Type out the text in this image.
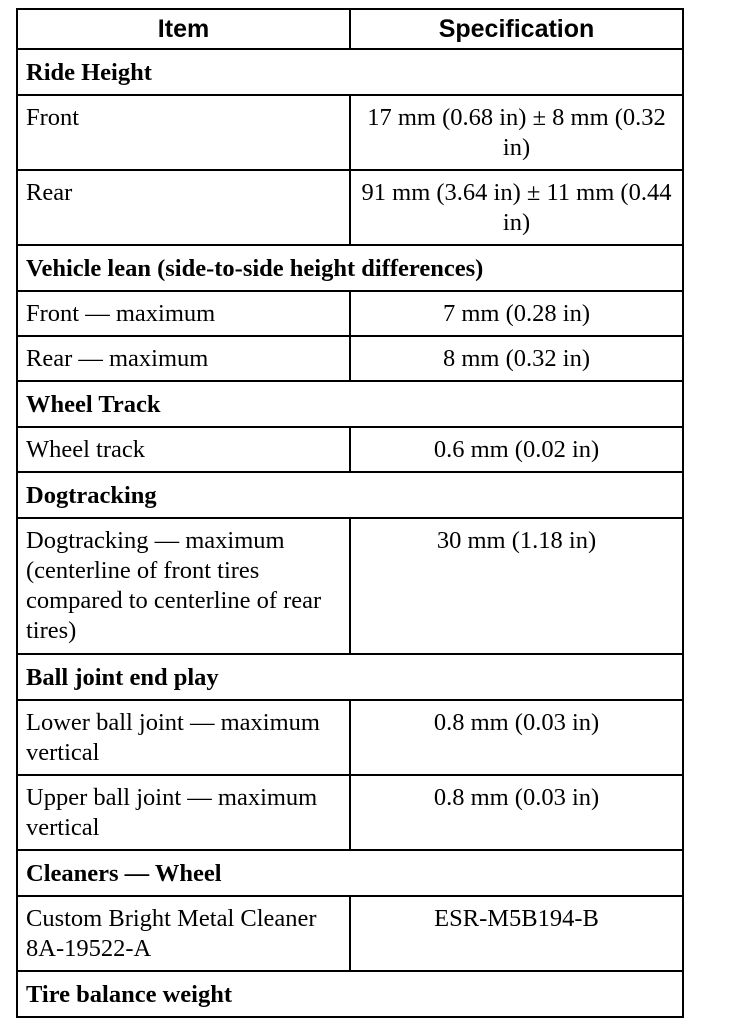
Item	Specification
Ride Height	
Front	17 mm (0.68 in) ± 8 mm (0.32 in)
Rear	91 mm (3.64 in) ± 11 mm (0.44 in)
Vehicle lean (side-to-side height differences)	
Front — maximum	7 mm (0.28 in)
Rear — maximum	8 mm (0.32 in)
Wheel Track	
Wheel track	0.6 mm (0.02 in)
Dogtracking	
Dogtracking — maximum (centerline of front tires compared to centerline of rear tires)	30 mm (1.18 in)
Ball joint end play	
Lower ball joint — maximum vertical	0.8 mm (0.03 in)
Upper ball joint — maximum vertical	0.8 mm (0.03 in)
Cleaners — Wheel	
Custom Bright Metal Cleaner 8A-19522-A	ESR-M5B194-B
Tire balance weight	
